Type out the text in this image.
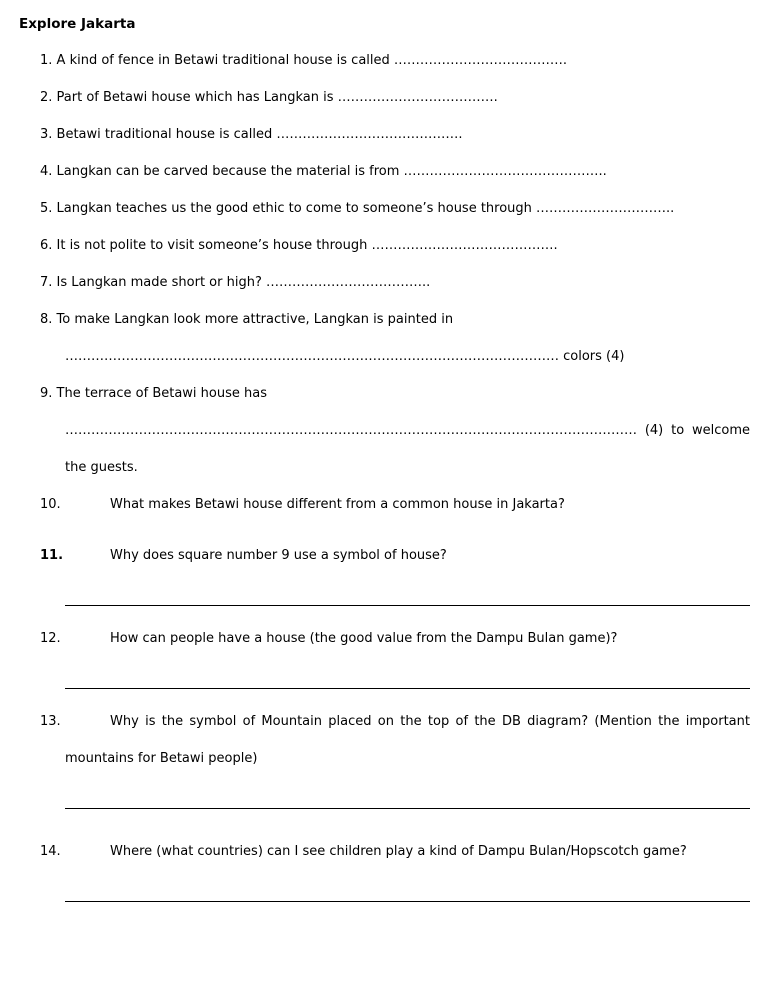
Explore Jakarta
1. A kind of fence in Betawi traditional house is called ………………………………….
2. Part of Betawi house which has Langkan is ……………………………….
3. Betawi traditional house is called …………………………………….
4. Langkan can be carved because the material is from ………………………………………..
5. Langkan teaches us the good ethic to come to someone’s house through …………………………..
6. It is not polite to visit someone’s house through …………………………………….
7. Is Langkan made short or high? ………………………………..
8. To make Langkan look more attractive, Langkan is painted in
…………………………………………………………………………………………………… colors (4)
9. The terrace of Betawi house has
…………………………………………………………………………………………………………………… (4) to welcome the guests.
10.	What makes Betawi house different from a common house in Jakarta?
11.	Why does square number 9 use a symbol of house?
12.	How can people have a house (the good value from the Dampu Bulan game)?
13.	Why is the symbol of Mountain placed on the top of the DB diagram? (Mention the important mountains for Betawi people)
14.	Where (what countries) can I see children play a kind of Dampu Bulan/Hopscotch game?
